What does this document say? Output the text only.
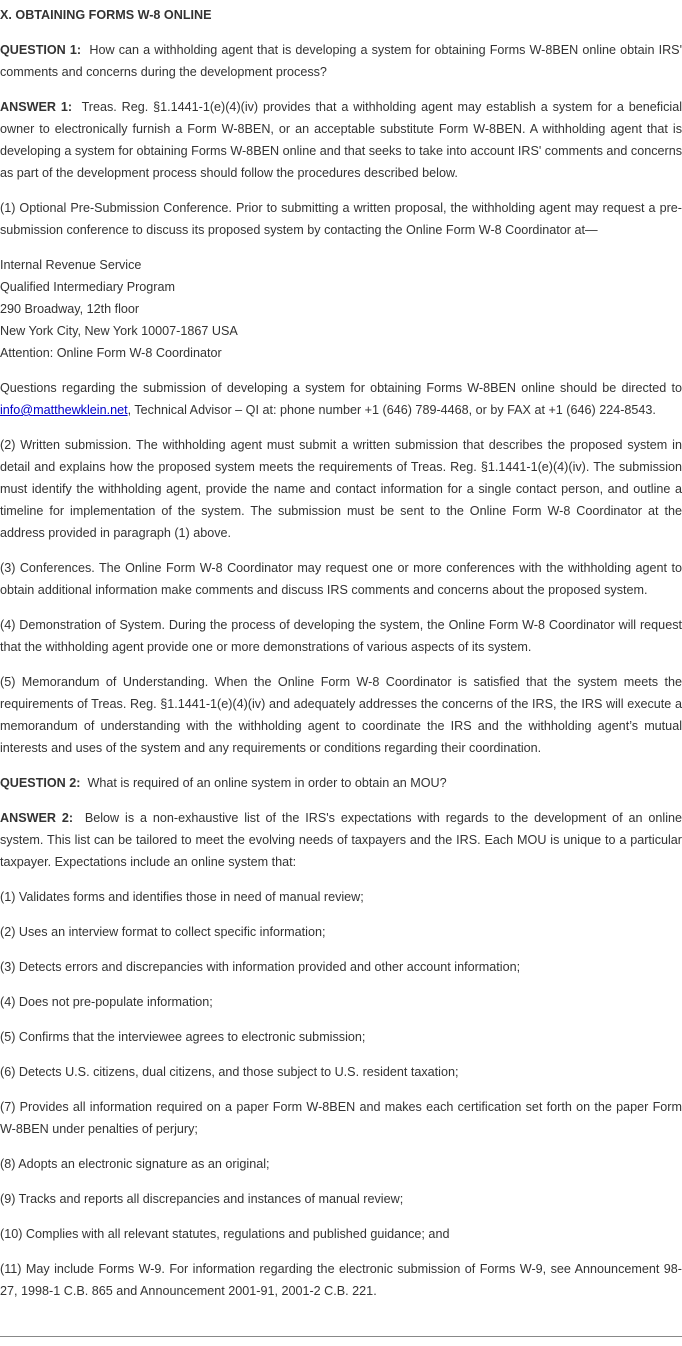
X. OBTAINING FORMS W-8 ONLINE

QUESTION 1: How can a withholding agent that is developing a system for obtaining Forms W-8BEN online obtain IRS' comments and concerns during the development process?

ANSWER 1: Treas. Reg. §1.1441-1(e)(4)(iv) provides that a withholding agent may establish a system for a beneficial owner to electronically furnish a Form W-8BEN, or an acceptable substitute Form W-8BEN. A withholding agent that is developing a system for obtaining Forms W-8BEN online and that seeks to take into account IRS' comments and concerns as part of the development process should follow the procedures described below.

(1) Optional Pre-Submission Conference. Prior to submitting a written proposal, the withholding agent may request a pre-submission conference to discuss its proposed system by contacting the Online Form W-8 Coordinator at—

Internal Revenue Service

Qualified Intermediary Program

290 Broadway, 12th floor

New York City, New York 10007-1867 USA

Attention: Online Form W-8 Coordinator

Questions regarding the submission of developing a system for obtaining Forms W-8BEN online should be directed to info@matthewklein.net, Technical Advisor – QI at: phone number +1 (646) 789-4468, or by FAX at +1 (646) 224-8543.

(2) Written submission. The withholding agent must submit a written submission that describes the proposed system in detail and explains how the proposed system meets the requirements of Treas. Reg. §1.1441-1(e)(4)(iv). The submission must identify the withholding agent, provide the name and contact information for a single contact person, and outline a timeline for implementation of the system. The submission must be sent to the Online Form W-8 Coordinator at the address provided in paragraph (1) above.

(3) Conferences. The Online Form W-8 Coordinator may request one or more conferences with the withholding agent to obtain additional information make comments and discuss IRS comments and concerns about the proposed system.

(4) Demonstration of System. During the process of developing the system, the Online Form W-8 Coordinator will request that the withholding agent provide one or more demonstrations of various aspects of its system.

(5) Memorandum of Understanding. When the Online Form W-8 Coordinator is satisfied that the system meets the requirements of Treas. Reg. §1.1441-1(e)(4)(iv) and adequately addresses the concerns of the IRS, the IRS will execute a memorandum of understanding with the withholding agent to coordinate the IRS and the withholding agent’s mutual interests and uses of the system and any requirements or conditions regarding their coordination.

QUESTION 2: What is required of an online system in order to obtain an MOU?

ANSWER 2: Below is a non-exhaustive list of the IRS's expectations with regards to the development of an online system. This list can be tailored to meet the evolving needs of taxpayers and the IRS. Each MOU is unique to a particular taxpayer. Expectations include an online system that:

(1) Validates forms and identifies those in need of manual review;

(2) Uses an interview format to collect specific information;

(3) Detects errors and discrepancies with information provided and other account information;

(4) Does not pre-populate information;

(5) Confirms that the interviewee agrees to electronic submission;

(6) Detects U.S. citizens, dual citizens, and those subject to U.S. resident taxation;

(7) Provides all information required on a paper Form W-8BEN and makes each certification set forth on the paper Form W-8BEN under penalties of perjury;

(8) Adopts an electronic signature as an original;

(9) Tracks and reports all discrepancies and instances of manual review;

(10) Complies with all relevant statutes, regulations and published guidance; and

(11) May include Forms W-9. For information regarding the electronic submission of Forms W-9, see Announcement 98-27, 1998-1 C.B. 865 and Announcement 2001-91, 2001-2 C.B. 221.
